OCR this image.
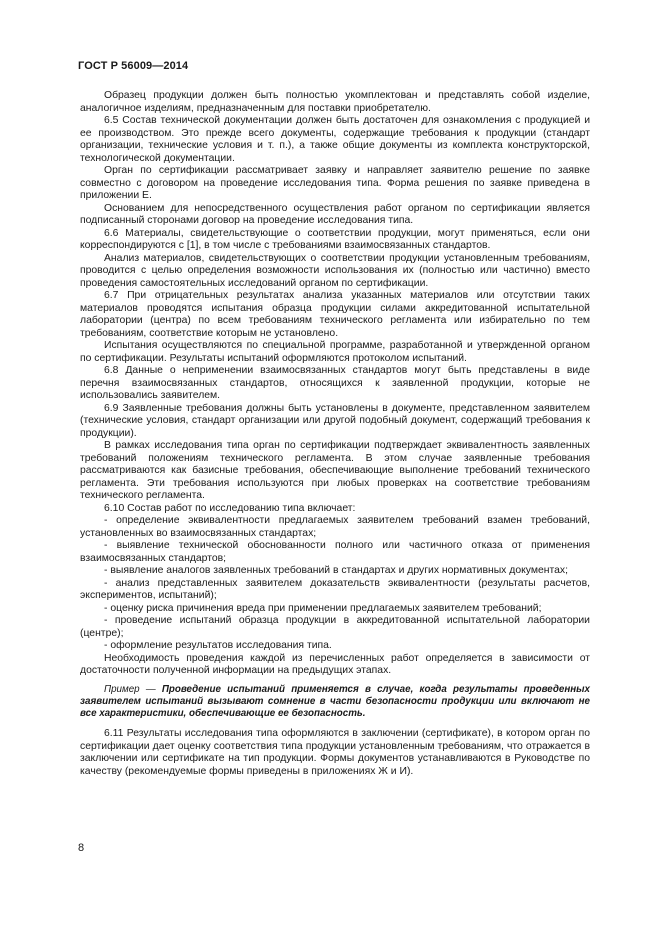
ГОСТ Р 56009—2014

Образец продукции должен быть полностью укомплектован и представлять собой изделие, аналогичное изделиям, предназначенным для поставки приобретателю.

6.5 Состав технической документации должен быть достаточен для ознакомления с продукцией и ее производством. Это прежде всего документы, содержащие требования к продукции (стандарт организации, технические условия и т. п.), а также общие документы из комплекта конструкторской, технологической документации.

Орган по сертификации рассматривает заявку и направляет заявителю решение по заявке совместно с договором на проведение исследования типа. Форма решения по заявке приведена в приложении Е.

Основанием для непосредственного осуществления работ органом по сертификации является подписанный сторонами договор на проведение исследования типа.

6.6 Материалы, свидетельствующие о соответствии продукции, могут применяться, если они корреспондируются с [1], в том числе с требованиями взаимосвязанных стандартов.

Анализ материалов, свидетельствующих о соответствии продукции установленным требованиям, проводится с целью определения возможности использования их (полностью или частично) вместо проведения самостоятельных исследований органом по сертификации.

6.7 При отрицательных результатах анализа указанных материалов или отсутствии таких материалов проводятся испытания образца продукции силами аккредитованной испытательной лаборатории (центра) по всем требованиям технического регламента или избирательно по тем требованиям, соответствие которым не установлено.

Испытания осуществляются по специальной программе, разработанной и утвержденной органом по сертификации. Результаты испытаний оформляются протоколом испытаний.

6.8 Данные о неприменении взаимосвязанных стандартов могут быть представлены в виде перечня взаимосвязанных стандартов, относящихся к заявленной продукции, которые не использовались заявителем.

6.9 Заявленные требования должны быть установлены в документе, представленном заявителем (технические условия, стандарт организации или другой подобный документ, содержащий требования к продукции).

В рамках исследования типа орган по сертификации подтверждает эквивалентность заявленных требований положениям технического регламента. В этом случае заявленные требования рассматриваются как базисные требования, обеспечивающие выполнение требований технического регламента. Эти требования используются при любых проверках на соответствие требованиям технического регламента.

6.10 Состав работ по исследованию типа включает:

- определение эквивалентности предлагаемых заявителем требований взамен требований, установленных во взаимосвязанных стандартах;

- выявление технической обоснованности полного или частичного отказа от применения взаимосвязанных стандартов;

- выявление аналогов заявленных требований в стандартах и других нормативных документах;

- анализ представленных заявителем доказательств эквивалентности (результаты расчетов, экспериментов, испытаний);

- оценку риска причинения вреда при применении предлагаемых заявителем требований;

- проведение испытаний образца продукции в аккредитованной испытательной лаборатории (центре);

- оформление результатов исследования типа.

Необходимость проведения каждой из перечисленных работ определяется в зависимости от достаточности полученной информации на предыдущих этапах.

Пример — Проведение испытаний применяется в случае, когда результаты проведенных заявителем испытаний вызывают сомнение в части безопасности продукции или включают не все характеристики, обеспечивающие ее безопасность.

6.11 Результаты исследования типа оформляются в заключении (сертификате), в котором орган по сертификации дает оценку соответствия типа продукции установленным требованиям, что отражается в заключении или сертификате на тип продукции. Формы документов устанавливаются в Руководстве по качеству (рекомендуемые формы приведены в приложениях Ж и И).

8
